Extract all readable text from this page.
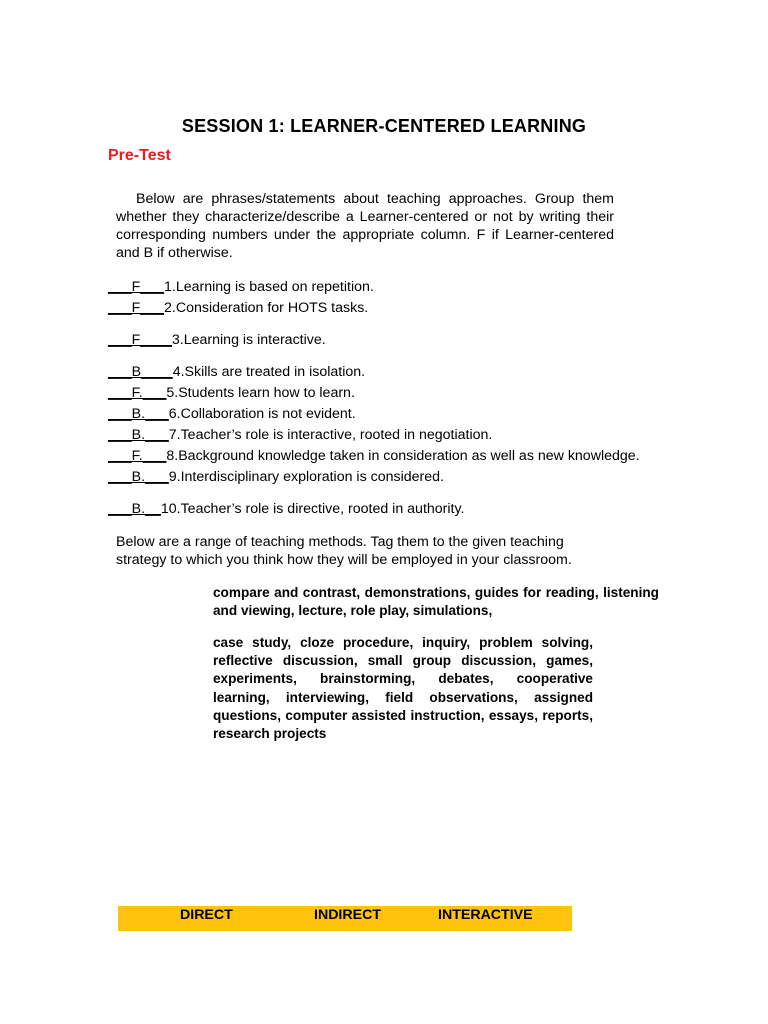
SESSION 1: LEARNER-CENTERED LEARNING
Pre-Test
Below are phrases/statements about teaching approaches. Group them whether they characterize/describe a Learner-centered or not by writing their corresponding numbers under the appropriate column. F if Learner-centered and B if otherwise.
___F___1.Learning is based on repetition.
___F___2.Consideration for HOTS tasks.
___F____3.Learning is interactive.
___B____4.Skills are treated in isolation.
___F.___5.Students learn how to learn.
___B.___6.Collaboration is not evident.
___B.___7.Teacher’s role is interactive, rooted in negotiation.
___F.___8.Background knowledge taken in consideration as well as new knowledge.
___B.___9.Interdisciplinary exploration is considered.
___B.__10.Teacher’s role is directive, rooted in authority.
Below are a range of teaching methods. Tag them to the given teaching strategy to which you think how they will be employed in your classroom.
compare and contrast, demonstrations, guides for reading, listening and viewing, lecture, role play, simulations,
case study, cloze procedure, inquiry, problem solving, reflective discussion, small group discussion, games, experiments, brainstorming, debates, cooperative learning, interviewing, field observations, assigned questions, computer assisted instruction, essays, reports, research projects
DIRECT	INDIRECT	INTERACTIVE
